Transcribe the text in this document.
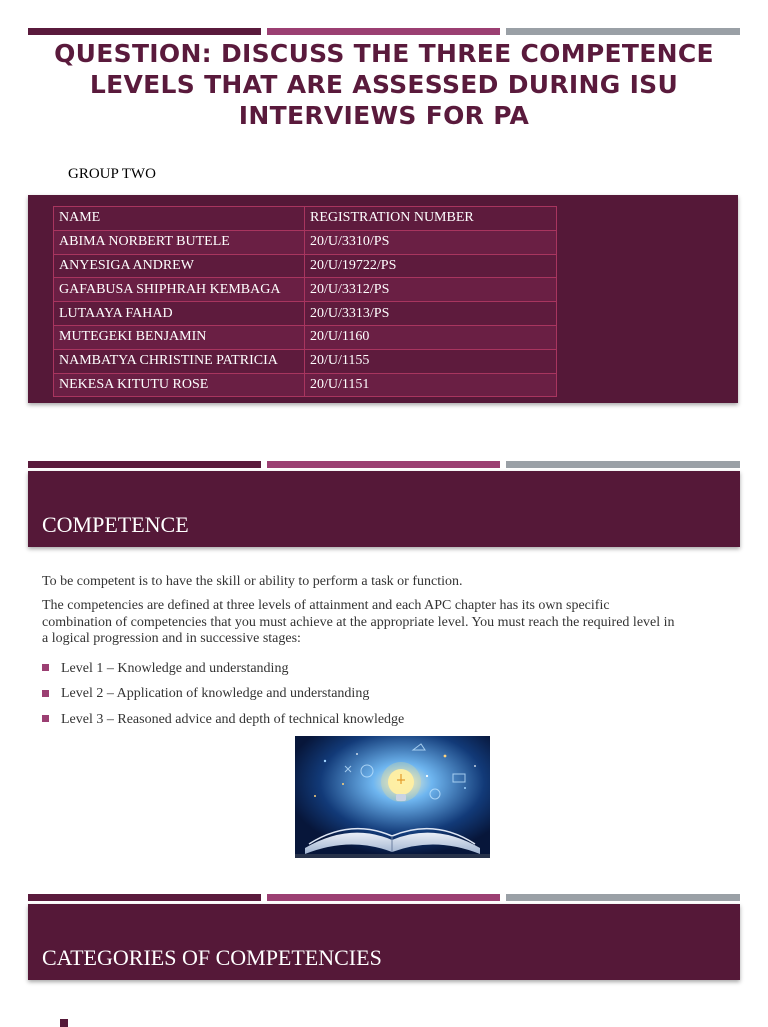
QUESTION: DISCUSS THE THREE COMPETENCE LEVELS THAT ARE ASSESSED DURING ISU INTERVIEWS FOR PA
GROUP TWO
NAME	REGISTRATION NUMBER
ABIMA NORBERT BUTELE	20/U/3310/PS
ANYESIGA ANDREW	20/U/19722/PS
GAFABUSA SHIPHRAH KEMBAGA	20/U/3312/PS
LUTAAYA FAHAD	20/U/3313/PS
MUTEGEKI BENJAMIN	20/U/1160
NAMBATYA CHRISTINE PATRICIA	20/U/1155
NEKESA KITUTU ROSE	20/U/1151
COMPETENCE

To be competent is to have the skill or ability to perform a task or function.

The competencies are defined at three levels of attainment and each APC chapter has its own specific combination of competencies that you must achieve at the appropriate level. You must reach the required level in a logical progression and in successive stages:

Level 1 – Knowledge and understanding
Level 2 – Application of knowledge and understanding
Level 3 – Reasoned advice and depth of technical knowledge
CATEGORIES OF COMPETENCIES
